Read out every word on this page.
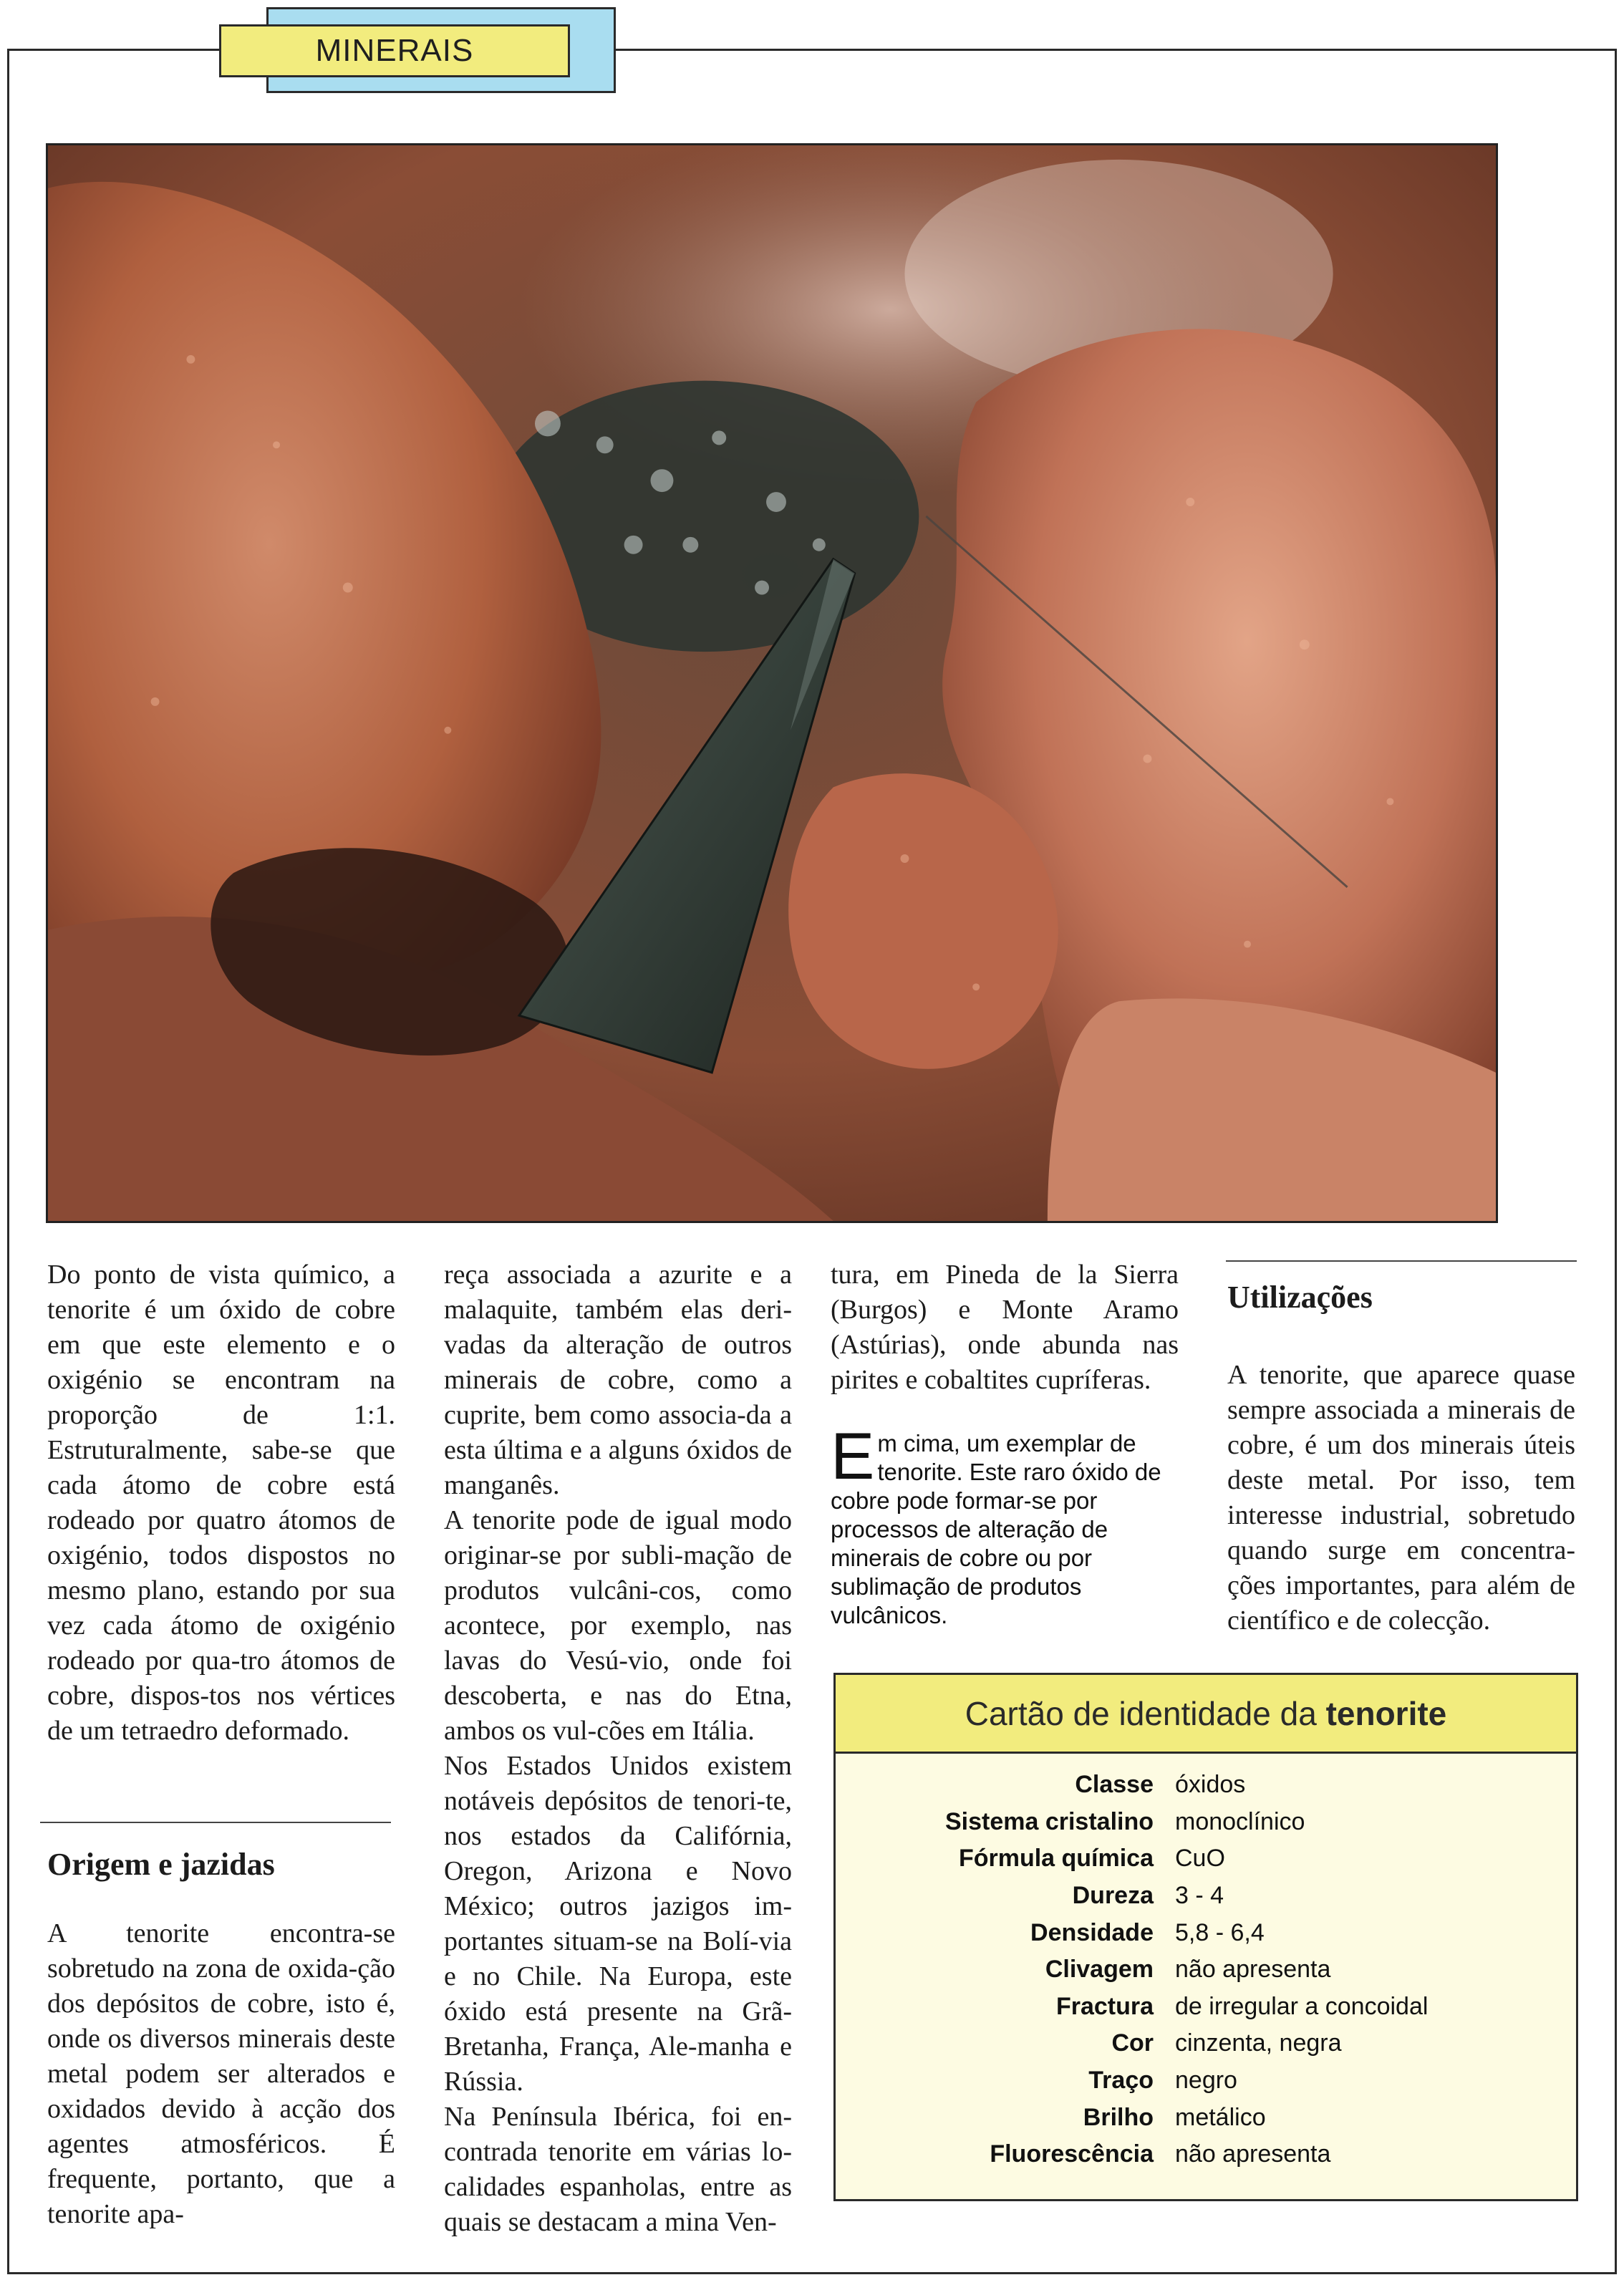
MINERAIS

Do ponto de vista químico, a tenorite é um óxido de cobre em que este elemento e o oxigénio se encontram na proporção de 1:1. Estruturalmente, sabe-se que cada átomo de cobre está rodeado por quatro átomos de oxigénio, todos dispostos no mesmo plano, estando por sua vez cada átomo de oxigénio rodeado por qua-tro átomos de cobre, dispos-tos nos vértices de um tetraedro deformado.

Origem e jazidas

A tenorite encontra-se sobretudo na zona de oxida-ção dos depósitos de cobre, isto é, onde os diversos minerais deste metal podem ser alterados e oxidados devido à acção dos agentes atmosféricos. É frequente, portanto, que a tenorite apa-

reça associada a azurite e a malaquite, também elas deri-vadas da alteração de outros minerais de cobre, como a cuprite, bem como associa-da a esta última e a alguns óxidos de manganês.

A tenorite pode de igual modo originar-se por subli-mação de produtos vulcâni-cos, como acontece, por exemplo, nas lavas do Vesú-vio, onde foi descoberta, e nas do Etna, ambos os vul-cões em Itália.

Nos Estados Unidos existem notáveis depósitos de tenori-te, nos estados da Califórnia, Oregon, Arizona e Novo México; outros jazigos im-portantes situam-se na Bolí-via e no Chile. Na Europa, este óxido está presente na Grã-Bretanha, França, Ale-manha e Rússia.

Na Península Ibérica, foi en-contrada tenorite em várias lo-calidades espanholas, entre as quais se destacam a mina Ven-

tura, em Pineda de la Sierra (Burgos) e Monte Aramo (Astúrias), onde abunda nas pirites e cobaltites cupríferas.

Em cima, um exemplar de tenorite. Este raro óxido de cobre pode formar-se por processos de alteração de minerais de cobre ou por sublimação de produtos vulcânicos.
Utilizações

A tenorite, que aparece quase sempre associada a minerais de cobre, é um dos minerais úteis deste metal. Por isso, tem interesse industrial, sobretudo quando surge em concentra-ções importantes, para além de científico e de colecção.

Cartão de identidade da
tenorite
Classe óxidos
Sistema cristalino monoclínico
Fórmula química CuO
Dureza 3 - 4
Densidade 5,8 - 6,4
Clivagem não apresenta
Fractura de irregular a concoidal
Cor cinzenta, negra
Traço negro
Brilho metálico
Fluorescência não apresenta
